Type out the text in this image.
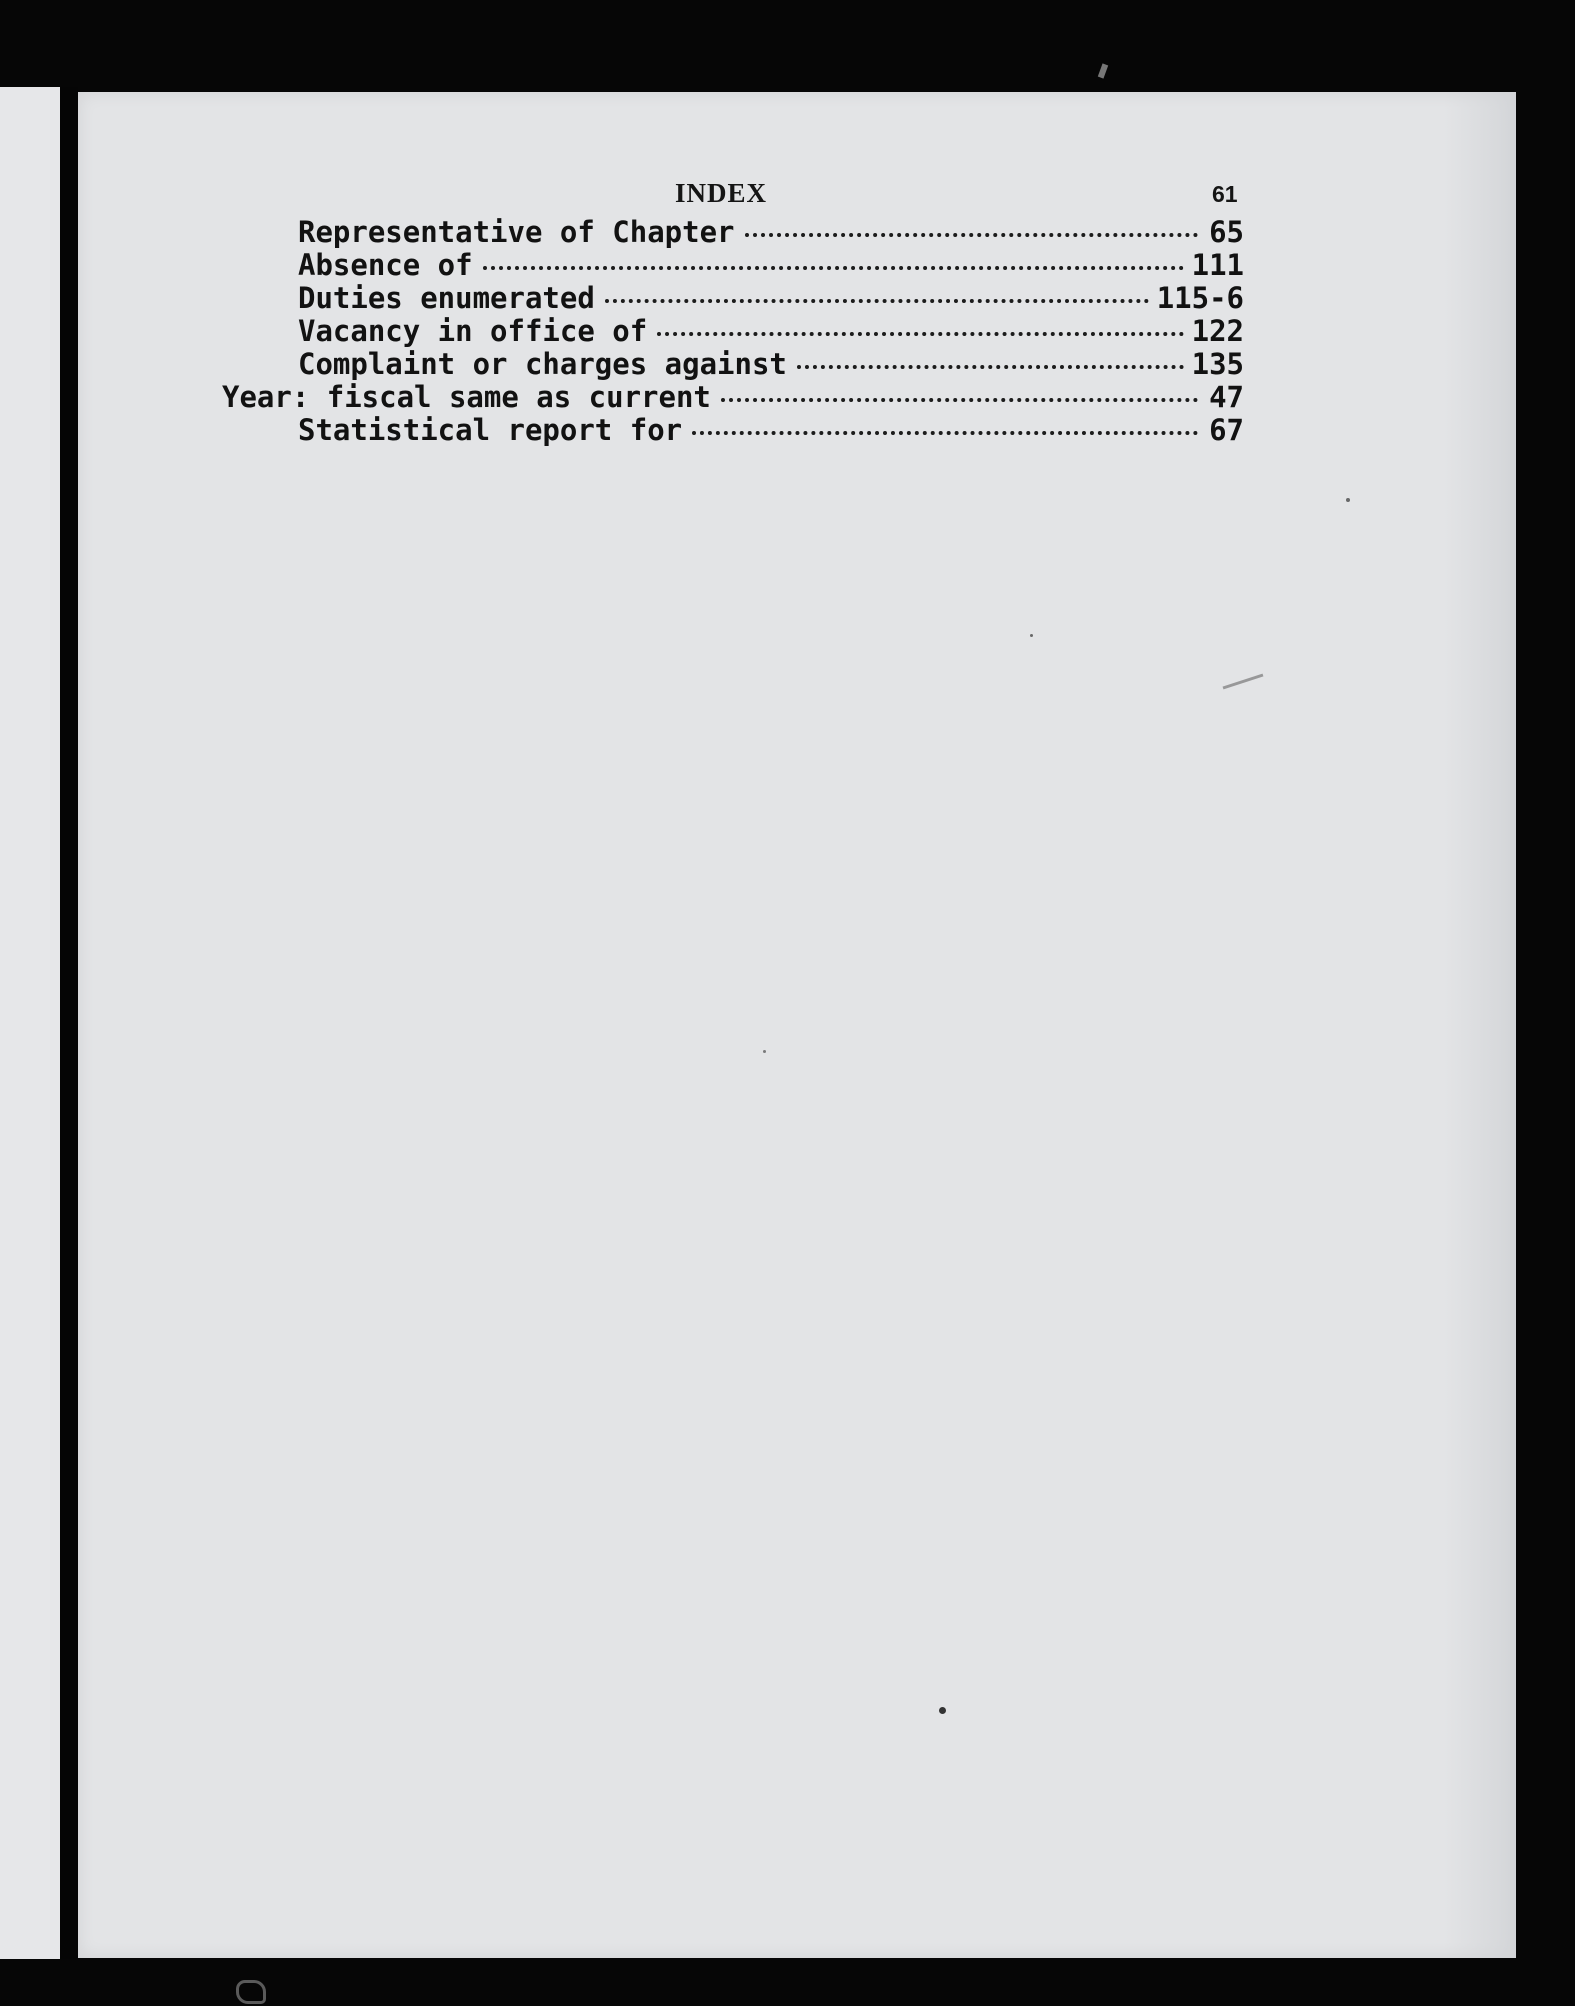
INDEX	61
Representative of Chapter	65
Absence of	111
Duties enumerated	115-6
Vacancy in office of	122
Complaint or charges against	135
Year: fiscal same as current	47
Statistical report for	67
